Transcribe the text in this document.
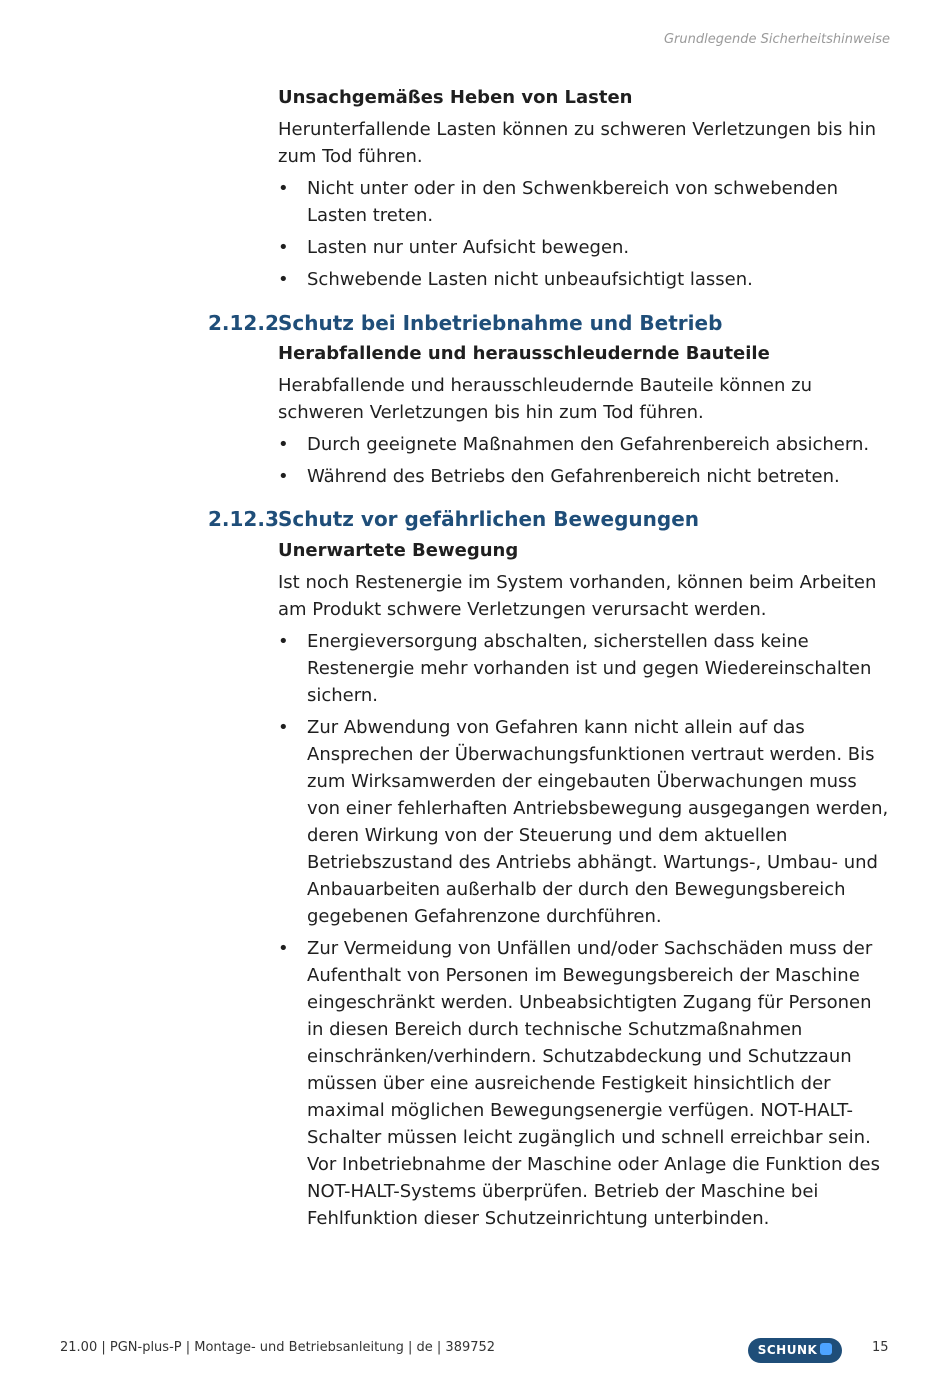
Grundlegende Sicherheitshinweise
Unsachgemäßes Heben von Lasten
Herunterfallende Lasten können zu schweren Verletzungen bis hin zum Tod führen.
• Nicht unter oder in den Schwenkbereich von schwebenden Lasten treten.
• Lasten nur unter Aufsicht bewegen.
• Schwebende Lasten nicht unbeaufsichtigt lassen.
2.12.2Schutz bei Inbetriebnahme und Betrieb
Herabfallende und herausschleudernde Bauteile
Herabfallende und herausschleudernde Bauteile können zu schweren Verletzungen bis hin zum Tod führen.
• Durch geeignete Maßnahmen den Gefahrenbereich absichern.
• Während des Betriebs den Gefahrenbereich nicht betreten.
2.12.3Schutz vor gefährlichen Bewegungen
Unerwartete Bewegung
Ist noch Restenergie im System vorhanden, können beim Arbeiten am Produkt schwere Verletzungen verursacht werden.
• Energieversorgung abschalten, sicherstellen dass keine Restenergie mehr vorhanden ist und gegen Wiedereinschalten sichern.
• Zur Abwendung von Gefahren kann nicht allein auf das Ansprechen der Überwachungsfunktionen vertraut werden. Bis zum Wirksamwerden der eingebauten Überwachungen muss von einer fehlerhaften Antriebsbewegung ausgegangen werden, deren Wirkung von der Steuerung und dem aktuellen Betriebszustand des Antriebs abhängt. Wartungs-, Umbau- und Anbauarbeiten außerhalb der durch den Bewegungsbereich gegebenen Gefahrenzone durchführen.
• Zur Vermeidung von Unfällen und/oder Sachschäden muss der Aufenthalt von Personen im Bewegungsbereich der Maschine eingeschränkt werden. Unbeabsichtigten Zugang für Personen in diesen Bereich durch technische Schutzmaßnahmen einschränken/verhindern. Schutzabdeckung und Schutzzaun müssen über eine ausreichende Festigkeit hinsichtlich der maximal möglichen Bewegungsenergie verfügen. NOT-HALT-Schalter müssen leicht zugänglich und schnell erreichbar sein. Vor Inbetriebnahme der Maschine oder Anlage die Funktion des NOT-HALT-Systems überprüfen. Betrieb der Maschine bei Fehlfunktion dieser Schutzeinrichtung unterbinden.
21.00 | PGN-plus-P | Montage- und Betriebsanleitung | de | 389752	SCHUNK	15
